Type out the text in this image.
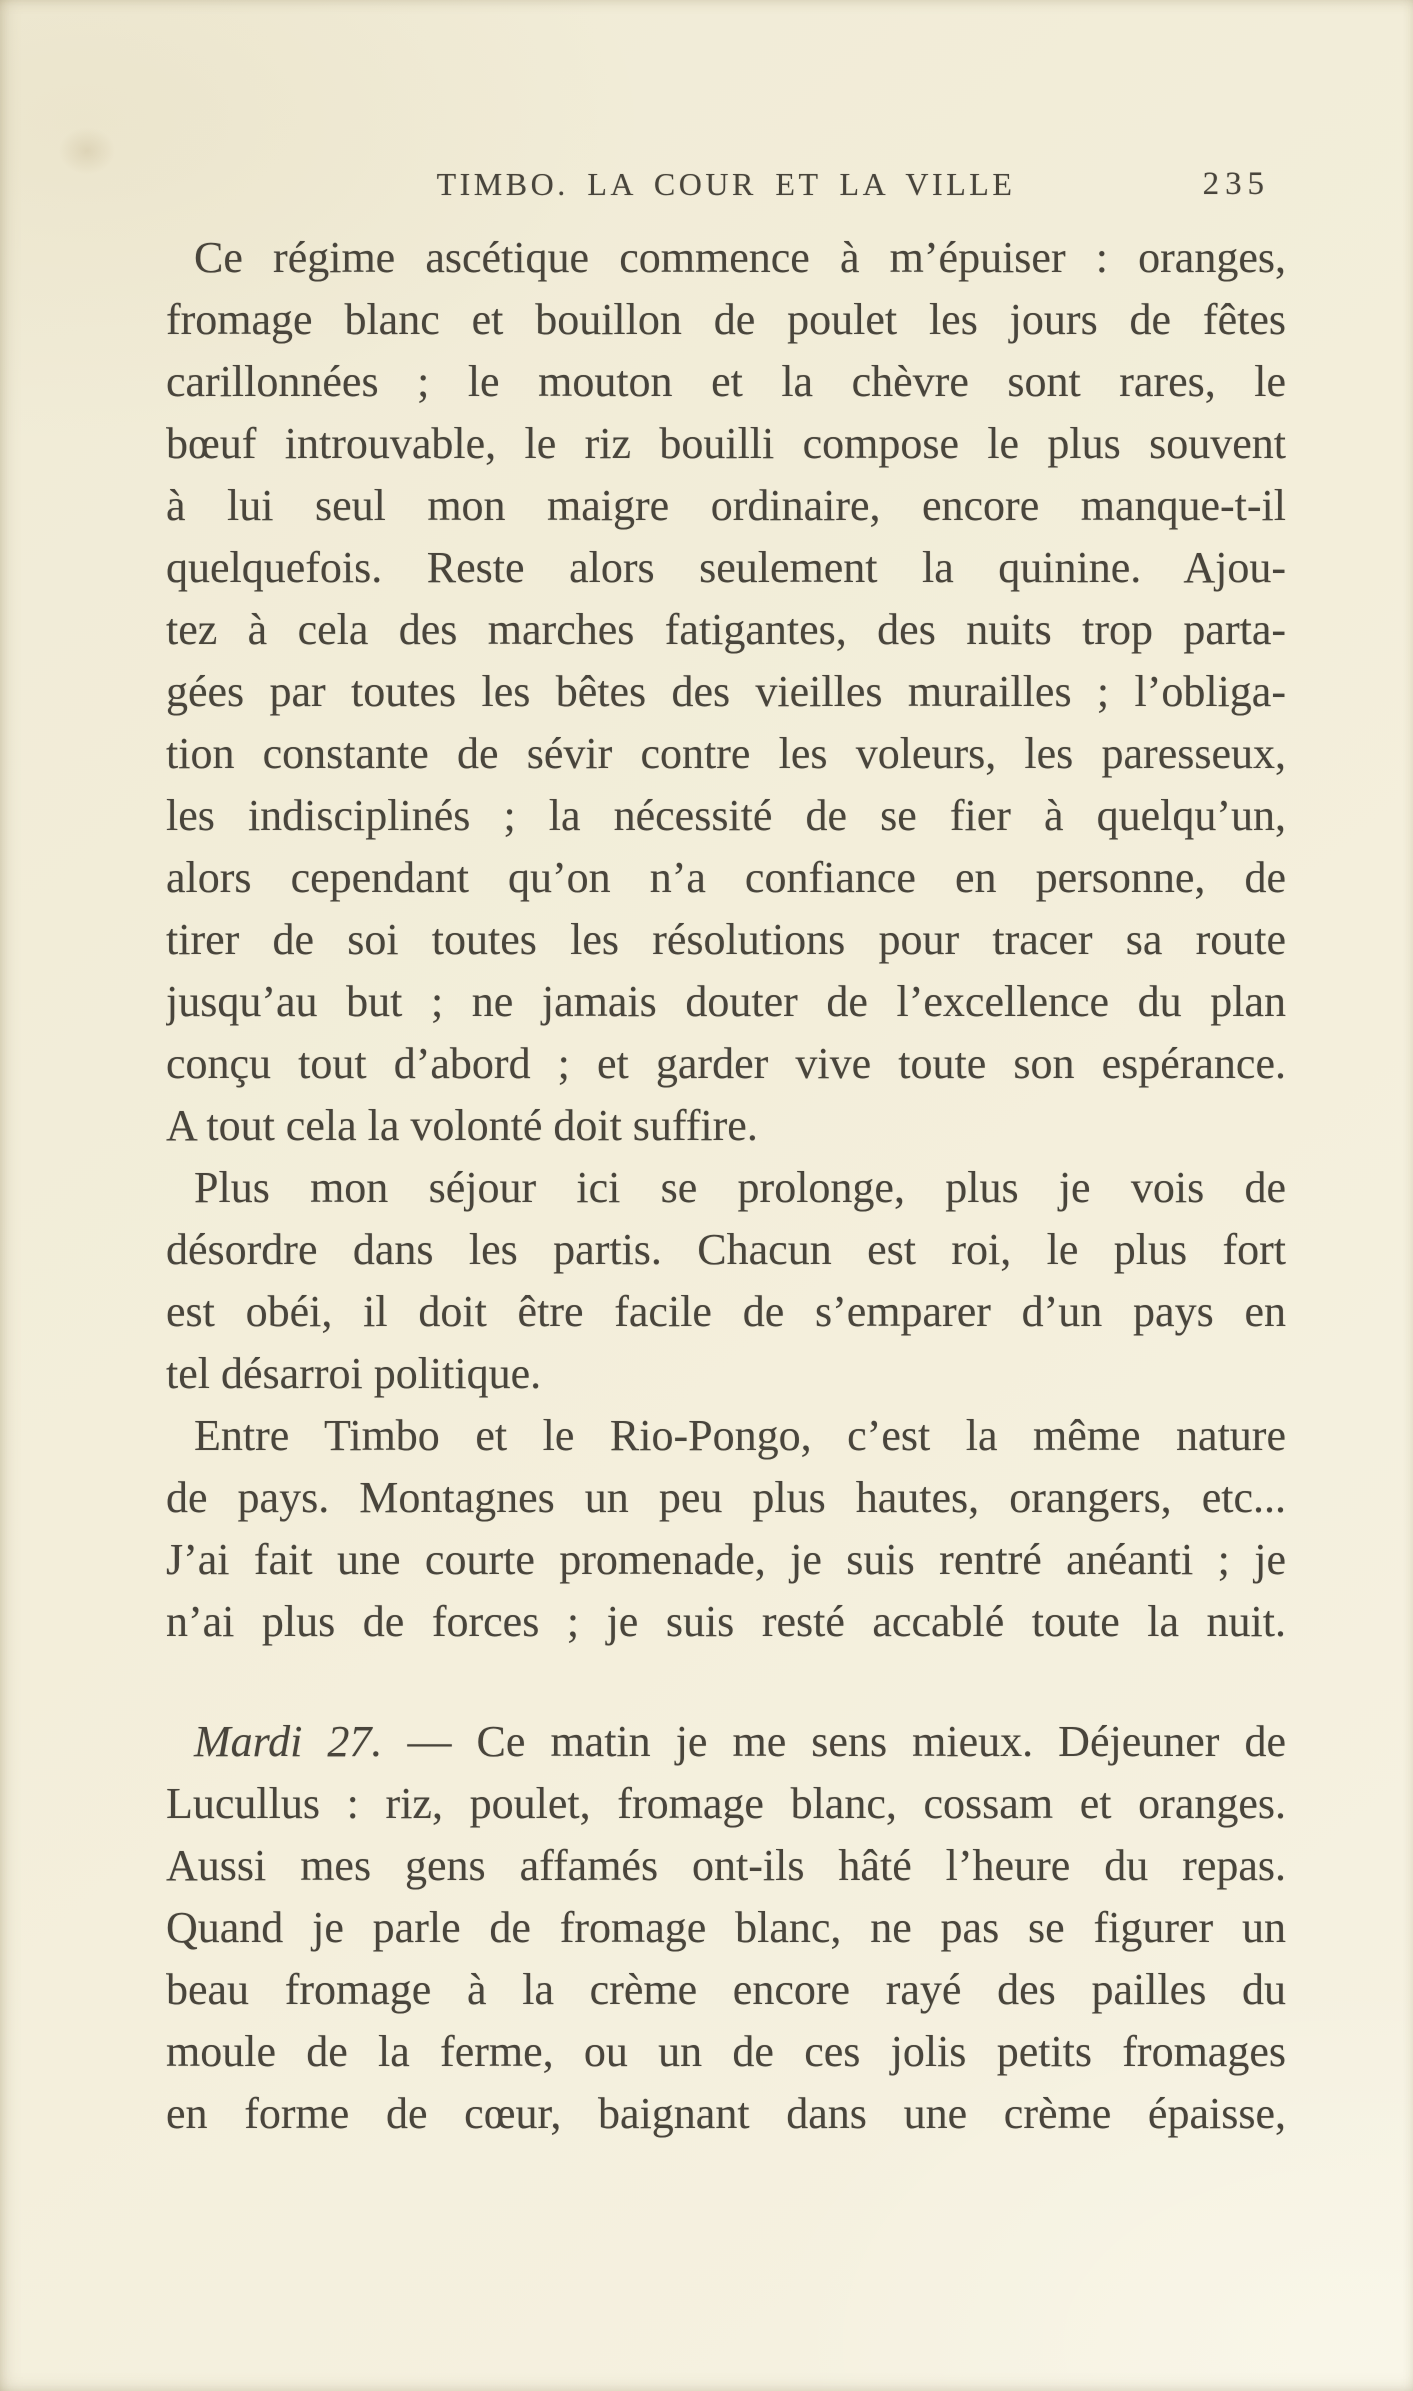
TIMBO. LA COUR ET LA VILLE	235
Ce régime ascétique commence à m’épuiser : oranges,
fromage blanc et bouillon de poulet les jours de fêtes
carillonnées ; le mouton et la chèvre sont rares, le
bœuf introuvable, le riz bouilli compose le plus souvent
à lui seul mon maigre ordinaire, encore manque-t-il
quelquefois. Reste alors seulement la quinine. Ajou-
tez à cela des marches fatigantes, des nuits trop parta-
gées par toutes les bêtes des vieilles murailles ; l’obliga-
tion constante de sévir contre les voleurs, les paresseux,
les indisciplinés ; la nécessité de se fier à quelqu’un,
alors cependant qu’on n’a confiance en personne, de
tirer de soi toutes les résolutions pour tracer sa route
jusqu’au but ; ne jamais douter de l’excellence du plan
conçu tout d’abord ; et garder vive toute son espérance.
A tout cela la volonté doit suffire.
Plus mon séjour ici se prolonge, plus je vois de
désordre dans les partis. Chacun est roi, le plus fort
est obéi, il doit être facile de s’emparer d’un pays en
tel désarroi politique.
Entre Timbo et le Rio-Pongo, c’est la même nature
de pays. Montagnes un peu plus hautes, orangers, etc...
J’ai fait une courte promenade, je suis rentré anéanti ; je
n’ai plus de forces ; je suis resté accablé toute la nuit.
Mardi 27. — Ce matin je me sens mieux. Déjeuner de
Lucullus : riz, poulet, fromage blanc, cossam et oranges.
Aussi mes gens affamés ont-ils hâté l’heure du repas.
Quand je parle de fromage blanc, ne pas se figurer un
beau fromage à la crème encore rayé des pailles du
moule de la ferme, ou un de ces jolis petits fromages
en forme de cœur, baignant dans une crème épaisse,
